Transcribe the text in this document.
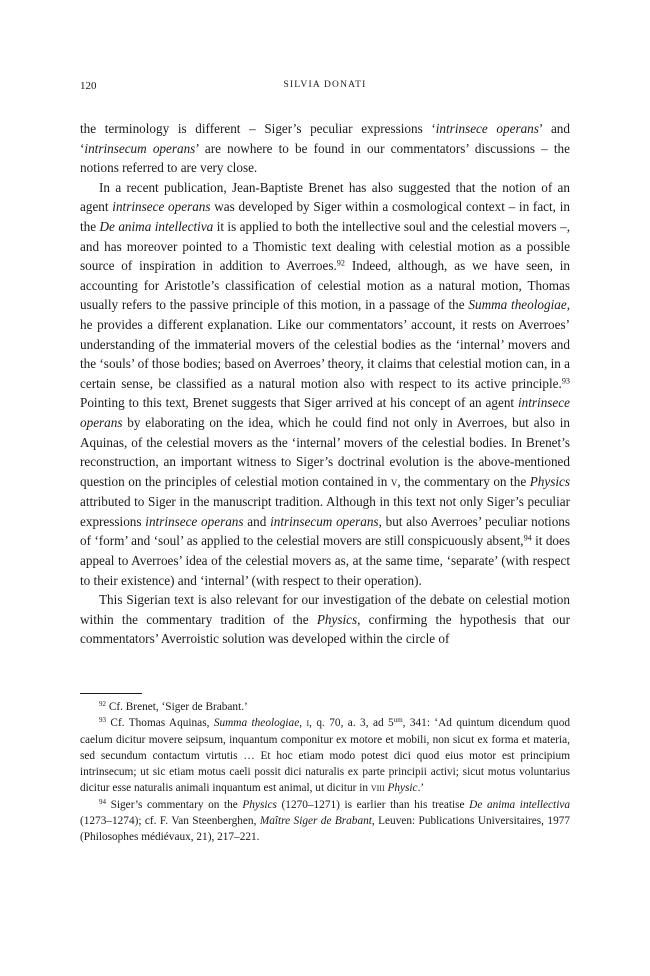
120	SILVIA DONATI

the terminology is different – Siger’s peculiar expressions ‘intrinsece operans’ and ‘intrinsecum operans’ are nowhere to be found in our commentators’ discussions – the notions referred to are very close.

In a recent publication, Jean-Baptiste Brenet has also suggested that the notion of an agent intrinsece operans was developed by Siger within a cosmological context – in fact, in the De anima intellectiva it is applied to both the intellective soul and the celestial movers –, and has moreover pointed to a Thomistic text dealing with celestial motion as a possible source of inspiration in addition to Averroes.$^{92}$ Indeed, although, as we have seen, in accounting for Aristotle’s classification of celestial motion as a natural motion, Thomas usually refers to the passive principle of this motion, in a passage of the Summa theologiae, he provides a different explanation. Like our commentators’ account, it rests on Averroes’ understanding of the immaterial movers of the celestial bodies as the ‘internal’ movers and the ‘souls’ of those bodies; based on Averroes’ theory, it claims that celestial motion can, in a certain sense, be classified as a natural motion also with respect to its active principle.$^{93}$ Pointing to this text, Brenet suggests that Siger arrived at his concept of an agent intrinsece operans by elaborating on the idea, which he could find not only in Averroes, but also in Aquinas, of the celestial movers as the ‘internal’ movers of the celestial bodies. In Brenet’s reconstruction, an important witness to Siger’s doctrinal evolution is the above-mentioned question on the principles of celestial motion contained in v, the commentary on the Physics attributed to Siger in the manuscript tradition. Although in this text not only Siger’s peculiar expressions intrinsece operans and intrinsecum operans, but also Averroes’ peculiar notions of ‘form’ and ‘soul’ as applied to the celestial movers are still conspicuously absent,$^{94}$ it does appeal to Averroes’ idea of the celestial movers as, at the same time, ‘separate’ (with respect to their existence) and ‘internal’ (with respect to their operation).

This Sigerian text is also relevant for our investigation of the debate on celestial motion within the commentary tradition of the Physics, confirming the hypothesis that our commentators’ Averroistic solution was developed within the circle of

$^{92}$ Cf. Brenet, ‘Siger de Brabant.’

$^{93}$ Cf. Thomas Aquinas, Summa theologiae, i, q. 70, a. 3, ad $5^{um}$, 341: ‘Ad quintum dicendum quod caelum dicitur movere seipsum, inquantum componitur ex motore et mobili, non sicut ex forma et materia, sed secundum contactum virtutis … Et hoc etiam modo potest dici quod eius motor est principium intrinsecum; ut sic etiam motus caeli possit dici naturalis ex parte principii activi; sicut motus voluntarius dicitur esse naturalis animali inquantum est animal, ut dicitur in viii Physic.’

$^{94}$ Siger’s commentary on the Physics (1270–1271) is earlier than his treatise De anima intellectiva (1273–1274); cf. F. Van Steenberghen, Maître Siger de Brabant, Leuven: Publications Universitaires, 1977 (Philosophes médiévaux, 21), 217–221.
